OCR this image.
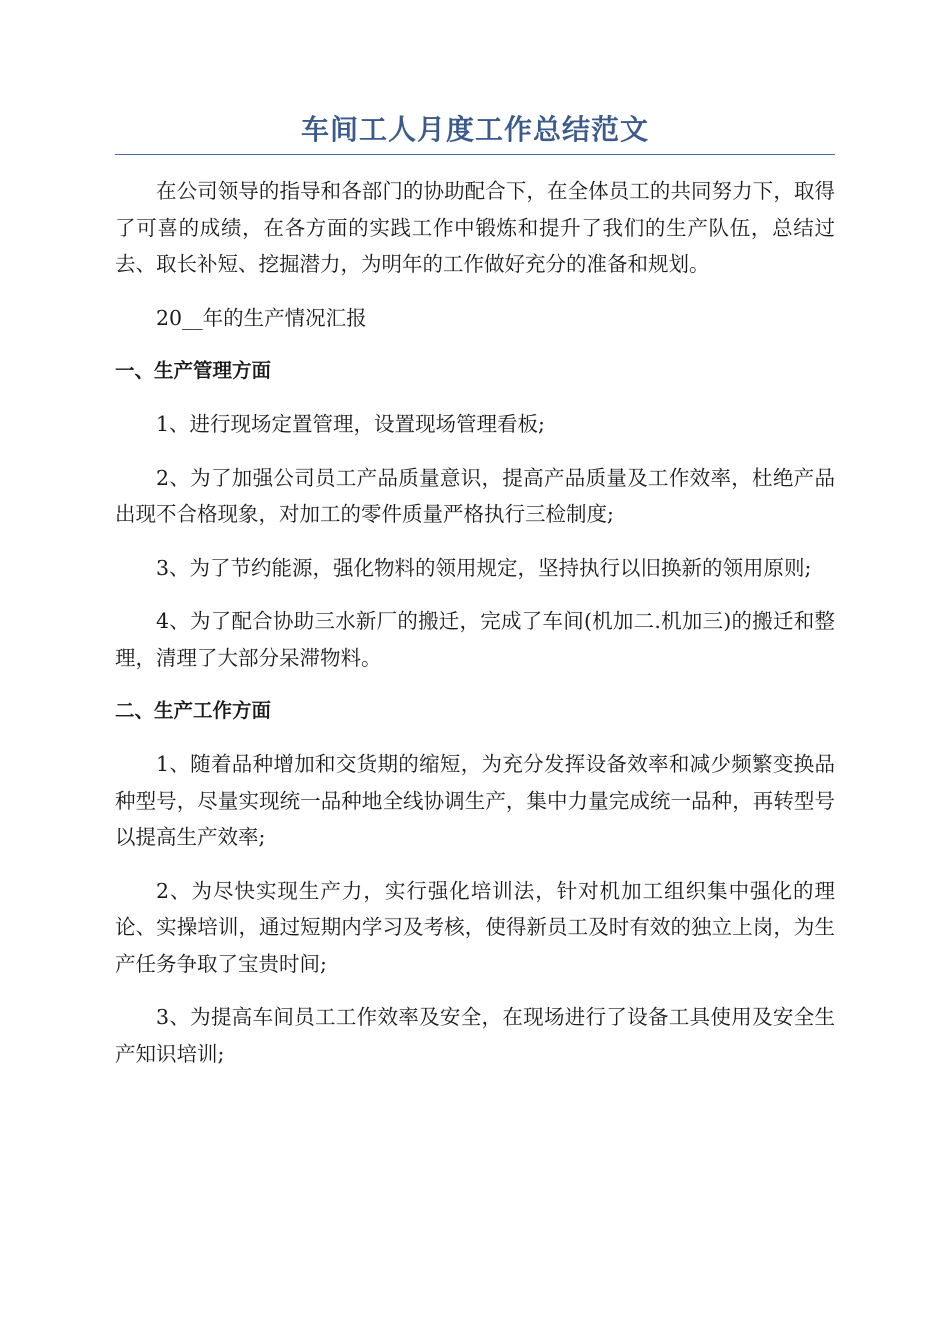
车间工人月度工作总结范文

在公司领导的指导和各部门的协助配合下，在全体员工的共同努力下，取得了可喜的成绩，在各方面的实践工作中锻炼和提升了我们的生产队伍，总结过去、取长补短、挖掘潜力，为明年的工作做好充分的准备和规划。

20__年的生产情况汇报

一、生产管理方面

1、进行现场定置管理，设置现场管理看板;

2、为了加强公司员工产品质量意识，提高产品质量及工作效率，杜绝产品出现不合格现象，对加工的零件质量严格执行三检制度;

3、为了节约能源，强化物料的领用规定，坚持执行以旧换新的领用原则;

4、为了配合协助三水新厂的搬迁，完成了车间(机加二.机加三)的搬迁和整理，清理了大部分呆滞物料。

二、生产工作方面

1、随着品种增加和交货期的缩短，为充分发挥设备效率和减少频繁变换品种型号，尽量实现统一品种地全线协调生产，集中力量完成统一品种，再转型号以提高生产效率;

2、为尽快实现生产力，实行强化培训法，针对机加工组织集中强化的理论、实操培训，通过短期内学习及考核，使得新员工及时有效的独立上岗，为生产任务争取了宝贵时间;

3、为提高车间员工工作效率及安全，在现场进行了设备工具使用及安全生产知识培训;
